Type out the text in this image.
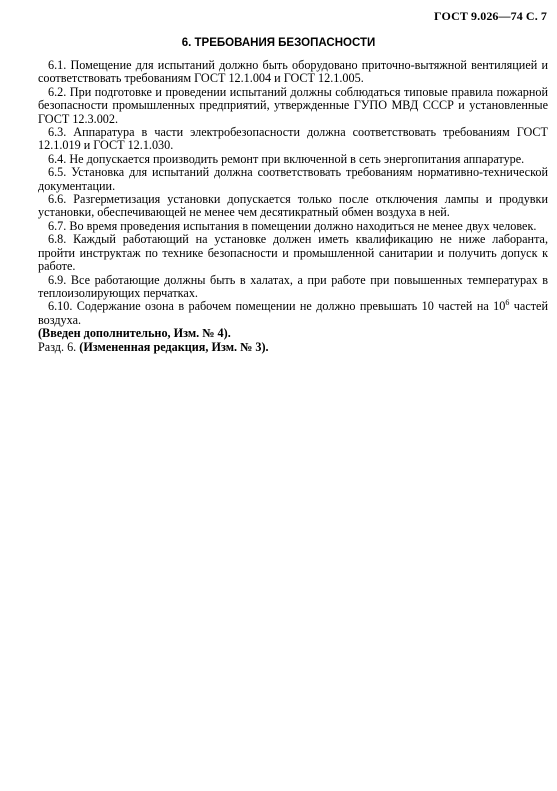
ГОСТ 9.026—74 С. 7
6. ТРЕБОВАНИЯ БЕЗОПАСНОСТИ

6.1. Помещение для испытаний должно быть оборудовано приточно-вытяжной вентиляцией и соответствовать требованиям ГОСТ 12.1.004 и ГОСТ 12.1.005.

6.2. При подготовке и проведении испытаний должны соблюдаться типовые правила пожарной безопасности промышленных предприятий, утвержденные ГУПО МВД СССР и установленные ГОСТ 12.3.002.

6.3. Аппаратура в части электробезопасности должна соответствовать требованиям ГОСТ 12.1.019 и ГОСТ 12.1.030.

6.4. Не допускается производить ремонт при включенной в сеть энергопитания аппаратуре.

6.5. Установка для испытаний должна соответствовать требованиям нормативно-технической документации.

6.6. Разгерметизация установки допускается только после отключения лампы и продувки установки, обеспечивающей не менее чем десятикратный обмен воздуха в ней.

6.7. Во время проведения испытания в помещении должно находиться не менее двух человек.

6.8. Каждый работающий на установке должен иметь квалификацию не ниже лаборанта, пройти инструктаж по технике безопасности и промышленной санитарии и получить допуск к работе.

6.9. Все работающие должны быть в халатах, а при работе при повышенных температурах в теплоизолирующих перчатках.

6.10. Содержание озона в рабочем помещении не должно превышать 10 частей на $10^6$ частей воздуха.

(Введен дополнительно, Изм. № 4).

Разд. 6. (Измененная редакция, Изм. № 3).
